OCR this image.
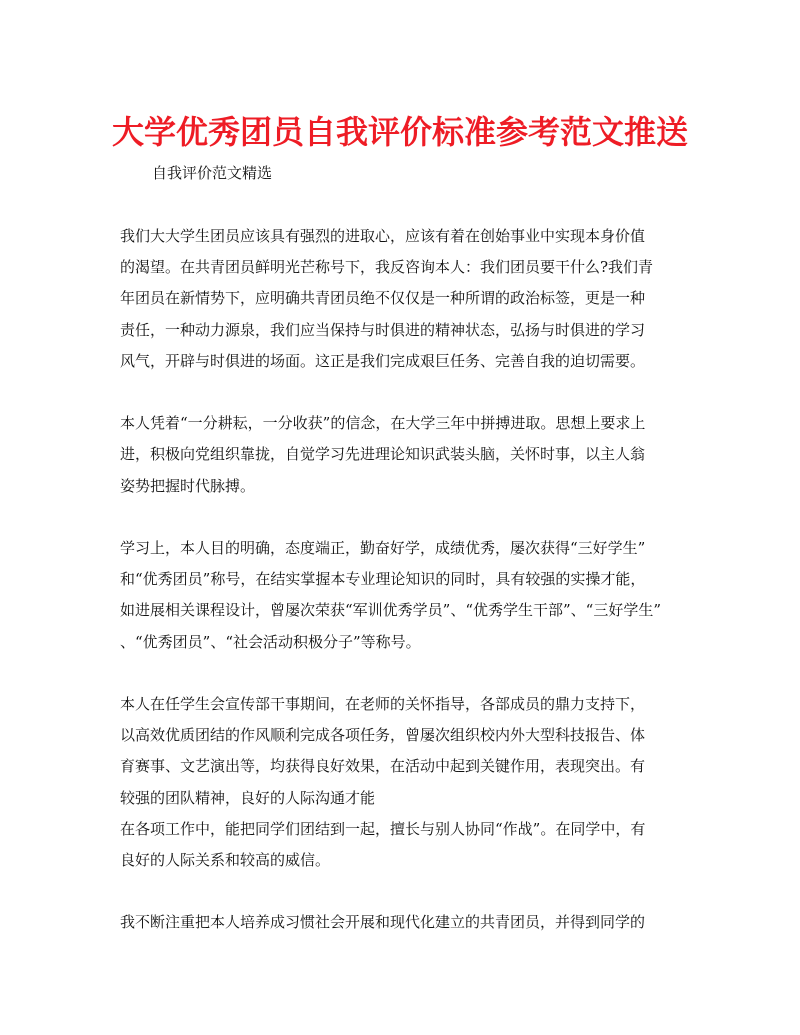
大学优秀团员自我评价标准参考范文推送

自我评价范文精选

我们大大学生团员应该具有强烈的进取心，应该有着在创始事业中实现本身价值
的渴望。在共青团员鲜明光芒称号下，我反咨询本人：我们团员要干什么?我们青
年团员在新情势下，应明确共青团员绝不仅仅是一种所谓的政治标签，更是一种
责任，一种动力源泉，我们应当保持与时俱进的精神状态，弘扬与时俱进的学习
风气，开辟与时俱进的场面。这正是我们完成艰巨任务、完善自我的迫切需要。

本人凭着“一分耕耘，一分收获”的信念，在大学三年中拼搏进取。思想上要求上
进，积极向党组织靠拢，自觉学习先进理论知识武装头脑，关怀时事，以主人翁
姿势把握时代脉搏。

学习上，本人目的明确，态度端正，勤奋好学，成绩优秀，屡次获得“三好学生”
和“优秀团员”称号，在结实掌握本专业理论知识的同时，具有较强的实操才能，
如进展相关课程设计，曾屡次荣获“军训优秀学员”、“优秀学生干部”、“三好学生”
、“优秀团员”、“社会活动积极分子”等称号。

本人在任学生会宣传部干事期间，在老师的关怀指导，各部成员的鼎力支持下，
以高效优质团结的作风顺利完成各项任务，曾屡次组织校内外大型科技报告、体
育赛事、文艺演出等，均获得良好效果，在活动中起到关键作用，表现突出。有
较强的团队精神，良好的人际沟通才能
在各项工作中，能把同学们团结到一起，擅长与别人协同“作战”。在同学中，有
良好的人际关系和较高的威信。

我不断注重把本人培养成习惯社会开展和现代化建立的共青团员，并得到同学的
